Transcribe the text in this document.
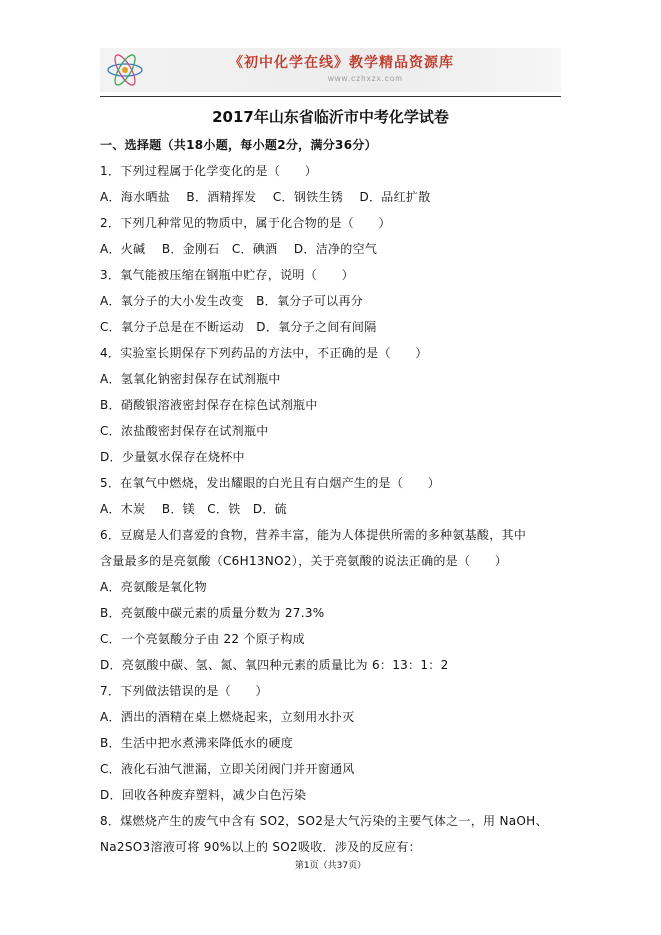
《初中化学在线》教学精品资源库
www.czhxzx.com
2017年山东省临沂市中考化学试卷
一、选择题（共18小题，每小题2分，满分36分）
1．下列过程属于化学变化的是（　　）
A．海水晒盐　 B．酒精挥发　 C．钢铁生锈　 D．品红扩散
2．下列几种常见的物质中，属于化合物的是（　　）
A．火碱　 B．金刚石　C．碘酒　 D．洁净的空气
3．氧气能被压缩在钢瓶中贮存，说明（　　）
A．氧分子的大小发生改变　B．氧分子可以再分
C．氧分子总是在不断运动　D．氧分子之间有间隔
4．实验室长期保存下列药品的方法中，不正确的是（　　）
A．氢氧化钠密封保存在试剂瓶中
B．硝酸银溶液密封保存在棕色试剂瓶中
C．浓盐酸密封保存在试剂瓶中
D．少量氨水保存在烧杯中
5．在氧气中燃烧，发出耀眼的白光且有白烟产生的是（　　）
A．木炭　 B．镁　C．铁　D．硫
6．豆腐是人们喜爱的食物，营养丰富，能为人体提供所需的多种氨基酸，其中
含量最多的是亮氨酸（C6H13NO2），关于亮氨酸的说法正确的是（　　）
A．亮氨酸是氧化物
B．亮氨酸中碳元素的质量分数为 27.3%
C．一个亮氨酸分子由 22 个原子构成
D．亮氨酸中碳、氢、氮、氧四种元素的质量比为 6：13：1：2
7．下列做法错误的是（　　）
A．洒出的酒精在桌上燃烧起来，立刻用水扑灭
B．生活中把水煮沸来降低水的硬度
C．液化石油气泄漏，立即关闭阀门并开窗通风
D．回收各种废弃塑料，减少白色污染
8．煤燃烧产生的废气中含有 SO2，SO2是大气污染的主要气体之一，用 NaOH、
Na2SO3溶液可将 90%以上的 SO2吸收．涉及的反应有：
第1页（共37页）
